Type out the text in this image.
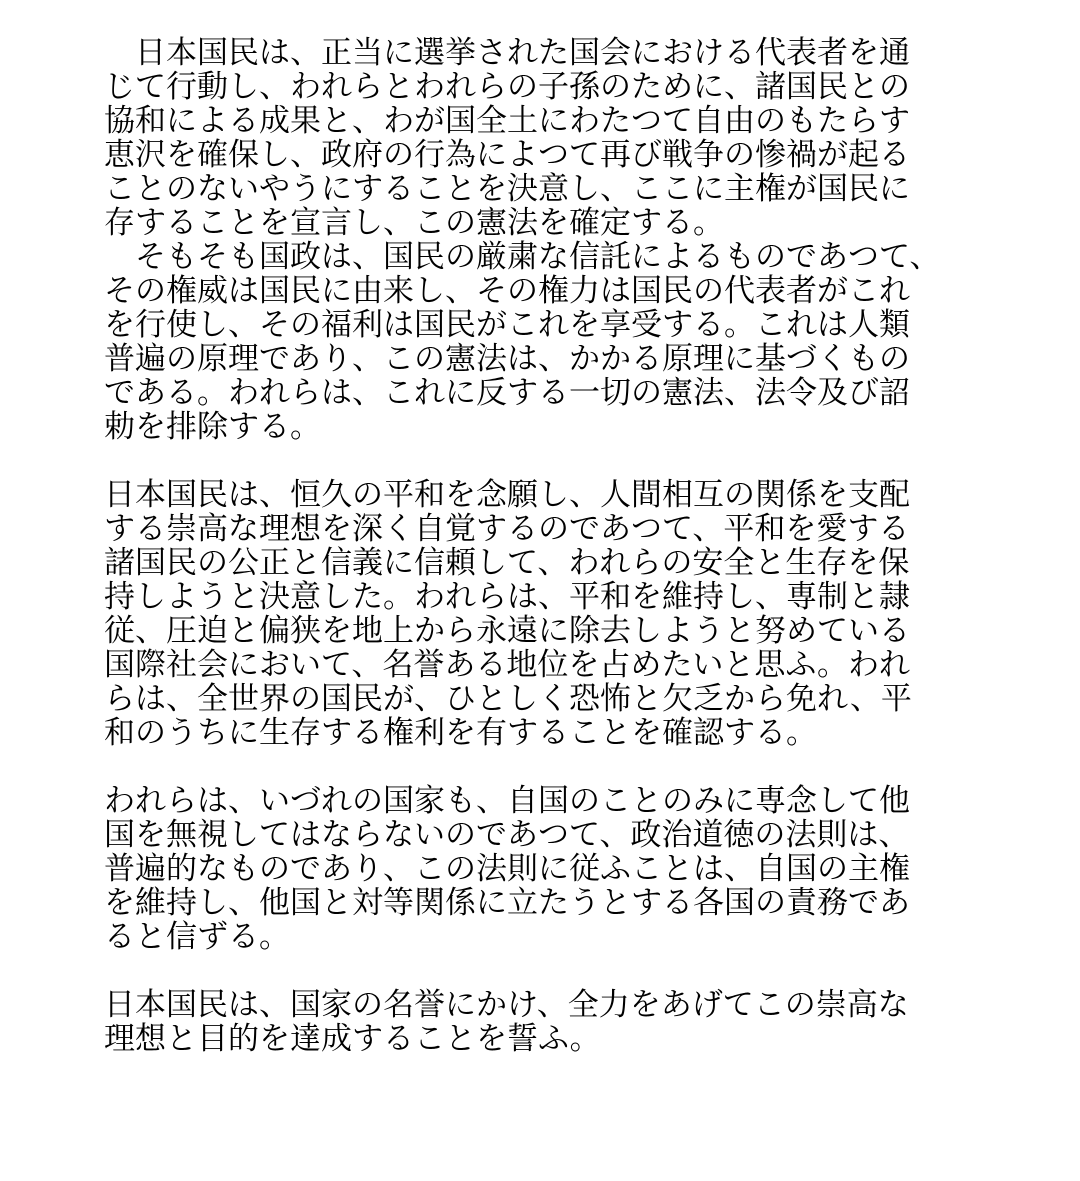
日本国民は、正当に選挙された国会における代表者を通
じて行動し、われらとわれらの子孫のために、諸国民との
協和による成果と、わが国全土にわたつて自由のもたらす
恵沢を確保し、政府の行為によつて再び戦争の惨禍が起る
ことのないやうにすることを決意し、ここに主権が国民に
存することを宣言し、この憲法を確定する。
そもそも国政は、国民の厳粛な信託によるものであつて、
その権威は国民に由来し、その権力は国民の代表者がこれ
を行使し、その福利は国民がこれを享受する。これは人類
普遍の原理であり、この憲法は、かかる原理に基づくもの
である。われらは、これに反する一切の憲法、法令及び詔
勅を排除する。
日本国民は、恒久の平和を念願し、人間相互の関係を支配
する崇高な理想を深く自覚するのであつて、平和を愛する
諸国民の公正と信義に信頼して、われらの安全と生存を保
持しようと決意した。われらは、平和を維持し、専制と隷
従、圧迫と偏狭を地上から永遠に除去しようと努めている
国際社会において、名誉ある地位を占めたいと思ふ。われ
らは、全世界の国民が、ひとしく恐怖と欠乏から免れ、平
和のうちに生存する権利を有することを確認する。
われらは、いづれの国家も、自国のことのみに専念して他
国を無視してはならないのであつて、政治道徳の法則は、
普遍的なものであり、この法則に従ふことは、自国の主権
を維持し、他国と対等関係に立たうとする各国の責務であ
ると信ずる。
日本国民は、国家の名誉にかけ、全力をあげてこの崇高な
理想と目的を達成することを誓ふ。
